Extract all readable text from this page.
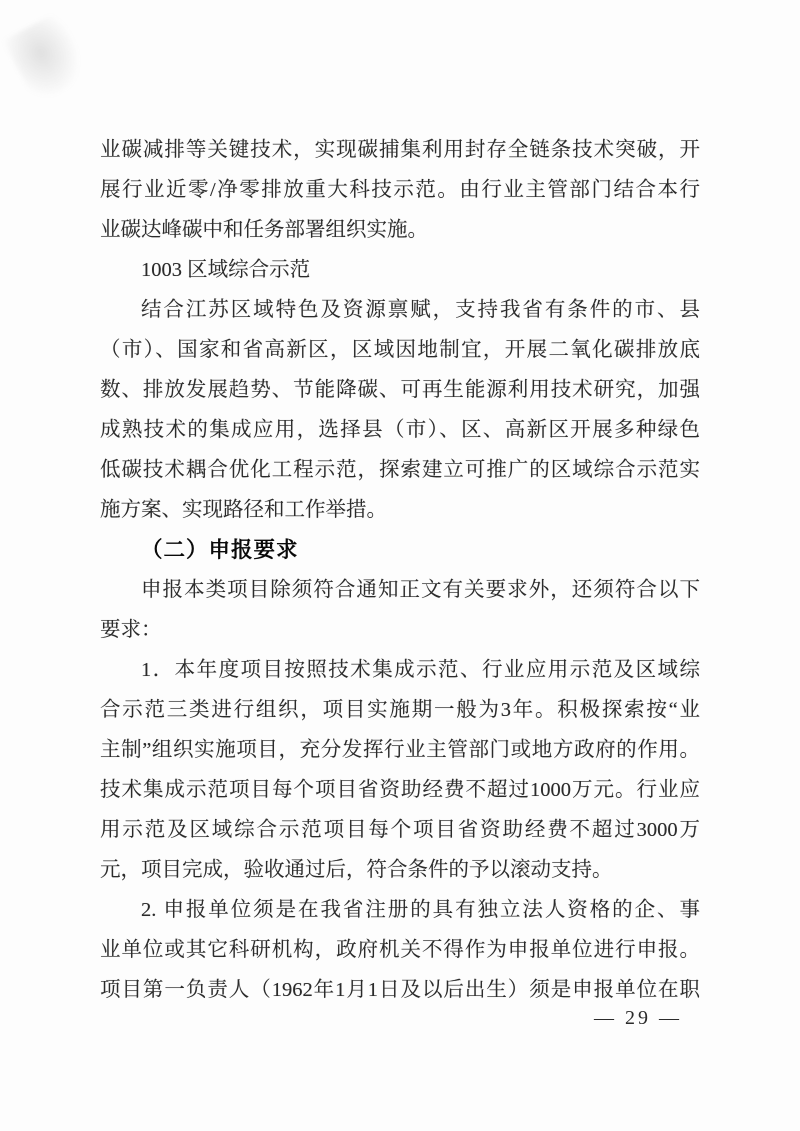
业碳减排等关键技术，实现碳捕集利用封存全链条技术突破，开
展行业近零/净零排放重大科技示范。由行业主管部门结合本行
业碳达峰碳中和任务部署组织实施。
1003 区域综合示范
结合江苏区域特色及资源禀赋，支持我省有条件的市、县
（市）、国家和省高新区，区域因地制宜，开展二氧化碳排放底
数、排放发展趋势、节能降碳、可再生能源利用技术研究，加强
成熟技术的集成应用，选择县（市）、区、高新区开展多种绿色
低碳技术耦合优化工程示范，探索建立可推广的区域综合示范实
施方案、实现路径和工作举措。
（二）申报要求
申报本类项目除须符合通知正文有关要求外，还须符合以下
要求：
1．本年度项目按照技术集成示范、行业应用示范及区域综
合示范三类进行组织，项目实施期一般为3年。积极探索按“业
主制”组织实施项目，充分发挥行业主管部门或地方政府的作用。
技术集成示范项目每个项目省资助经费不超过1000万元。行业应
用示范及区域综合示范项目每个项目省资助经费不超过3000万
元，项目完成，验收通过后，符合条件的予以滚动支持。
2. 申报单位须是在我省注册的具有独立法人资格的企、事
业单位或其它科研机构，政府机关不得作为申报单位进行申报。
项目第一负责人（1962年1月1日及以后出生）须是申报单位在职
— 29 —
